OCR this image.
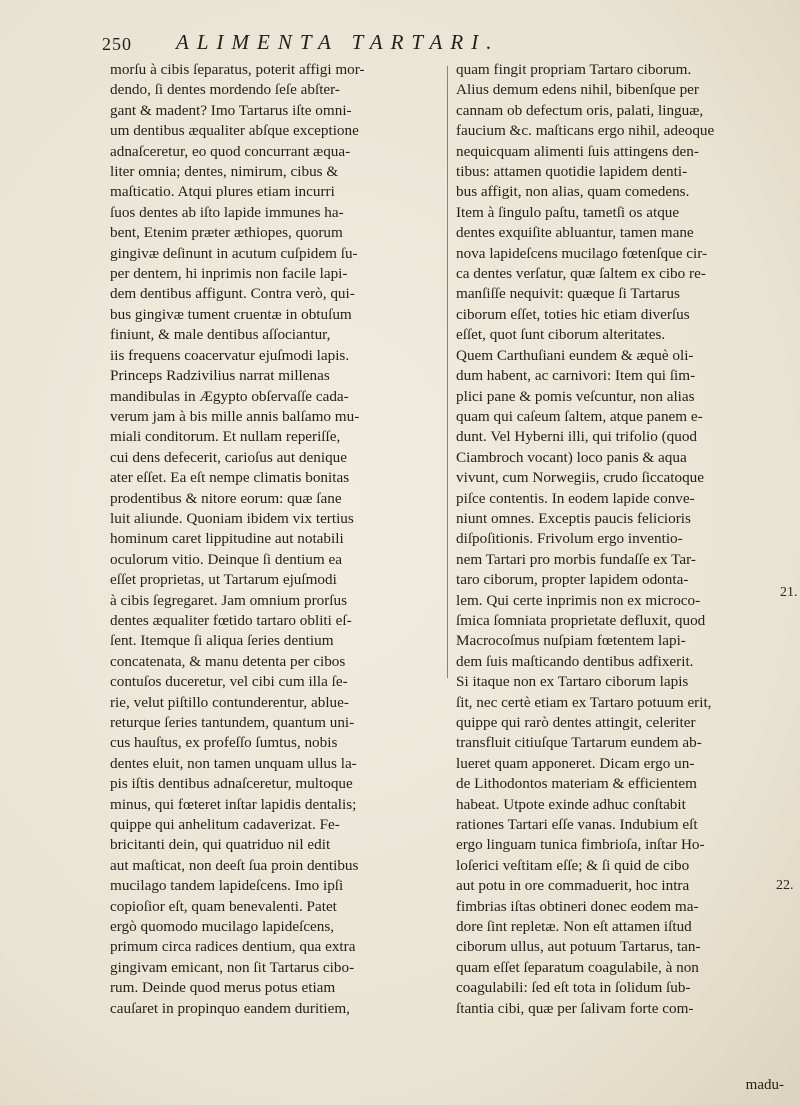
250 ALIMENTA TARTARI.
morſu à cibis ſeparatus, poterit affigi mor-
dendo, ſi dentes mordendo ſeſe abſter-
gant & madent? Imo Tartarus iſte omni-
um dentibus æqualiter abſque exceptione
adnaſceretur, eo quod concurrant æqua-
liter omnia; dentes, nimirum, cibus &
maſticatio. Atqui plures etiam incurri
ſuos dentes ab iſto lapide immunes ha-
bent, Etenim præter æthiopes, quorum
gingivæ deſinunt in acutum cuſpidem ſu-
per dentem, hi inprimis non facile lapi-
dem dentibus affigunt. Contra verò, qui-
bus gingivæ tument cruentæ in obtuſum
finiunt, & male dentibus aſſociantur,
iis frequens coacervatur ejuſmodi lapis.
Princeps Radzivilius narrat millenas
mandibulas in Ægypto obſervaſſe cada-
verum jam à bis mille annis balſamo mu-
miali conditorum. Et nullam reperiſſe,
cui dens defecerit, carioſus aut denique
ater eſſet. Ea eſt nempe climatis bonitas
prodentibus & nitore eorum: quæ ſane
luit aliunde. Quoniam ibidem vix tertius
hominum caret lippitudine aut notabili
oculorum vitio. Deinque ſi dentium ea
eſſet proprietas, ut Tartarum ejuſmodi
à cibis ſegregaret. Jam omnium prorſus
dentes æqualiter fœtido tartaro obliti eſ-
ſent. Itemque ſi aliqua ſeries dentium
concatenata, & manu detenta per cibos
contuſos duceretur, vel cibi cum illa ſe-
rie, velut piſtillo contunderentur, ablue-
returque ſeries tantundem, quantum uni-
cus hauſtus, ex profeſſo ſumtus, nobis
dentes eluit, non tamen unquam ullus la-
pis iſtis dentibus adnaſceretur, multoque
minus, qui fœteret inſtar lapidis dentalis;
quippe qui anhelitum cadaverizat. Fe-
bricitanti dein, qui quatriduo nil edit
aut maſticat, non deeſt ſua proin dentibus
mucilago tandem lapideſcens. Imo ipſi
copioſior eſt, quam benevalenti. Patet
ergò quomodo mucilago lapideſcens,
primum circa radices dentium, qua extra
gingivam emicant, non ſit Tartarus cibo-
rum. Deinde quod merus potus etiam
cauſaret in propinquo eandem duritiem,
quam fingit propriam Tartaro ciborum.
Alius demum edens nihil, bibenſque per
cannam ob defectum oris, palati, linguæ,
faucium &c. maſticans ergo nihil, adeoque
nequicquam alimenti ſuis attingens den-
tibus: attamen quotidie lapidem denti-
bus affigit, non alias, quam comedens.
Item à ſingulo paſtu, tametſi os atque
dentes exquiſite abluantur, tamen mane
nova lapideſcens mucilago fœtenſque cir-
ca dentes verſatur, quæ ſaltem ex cibo re-
manſiſſe nequivit: quæque ſi Tartarus
ciborum eſſet, toties hic etiam diverſus
eſſet, quot ſunt ciborum alteritates.
Quem Carthuſiani eundem & æquè oli-
dum habent, ac carnivori: Item qui ſim-
plici pane & pomis veſcuntur, non alias
quam qui caſeum ſaltem, atque panem e-
dunt. Vel Hyberni illi, qui trifolio (quod
Ciambroch vocant) loco panis & aqua
vivunt, cum Norwegiis, crudo ſiccatoque
piſce contentis. In eodem lapide conve-
niunt omnes. Exceptis paucis felicioris
diſpoſitionis. Frivolum ergo inventio-
nem Tartari pro morbis fundaſſe ex Tar-
taro ciborum, propter lapidem odonta-
lem. Qui certe inprimis non ex microco-
ſmica ſomniata proprietate defluxit, quod
Macrocoſmus nuſpiam fœtentem lapi-
dem ſuis maſticando dentibus adfixerit.
Si itaque non ex Tartaro ciborum lapis
ſit, nec certè etiam ex Tartaro potuum erit,
quippe qui rarò dentes attingit, celeriter
transfluit citiuſque Tartarum eundem ab-
lueret quam apponeret. Dicam ergo un-
de Lithodontos materiam & efficientem
habeat. Utpote exinde adhuc conſtabit
rationes Tartari eſſe vanas. Indubium eſt
ergo linguam tunica fimbrioſa, inſtar Ho-
loſerici veſtitam eſſe; & ſi quid de cibo
aut potu in ore commaduerit, hoc intra
fimbrias iſtas obtineri donec eodem ma-
dore ſint repletæ. Non eſt attamen iſtud
ciborum ullus, aut potuum Tartarus, tan-
quam eſſet ſeparatum coagulabile, à non
coagulabili: ſed eſt tota in ſolidum ſub-
ſtantia cibi, quæ per ſalivam forte com-
21.
22.
madu-
